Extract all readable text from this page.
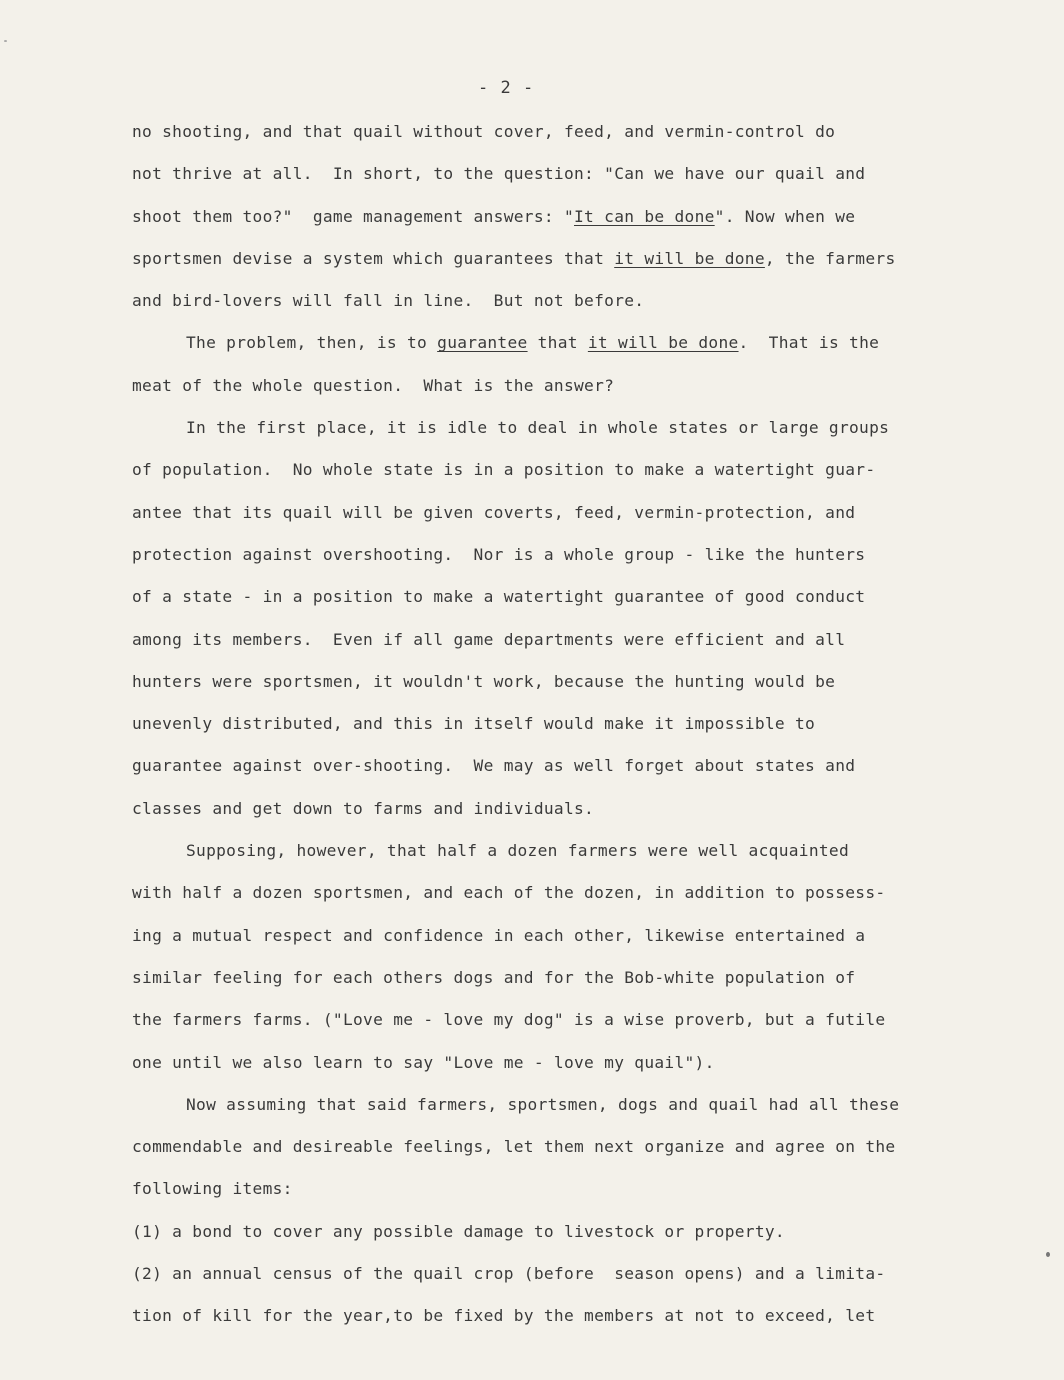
- 2 -
no shooting, and that quail without cover, feed, and vermin-control do
not thrive at all.  In short, to the question: "Can we have our quail and
shoot them too?"  game management answers: "It can be done". Now when we
sportsmen devise a system which guarantees that it will be done, the farmers
and bird-lovers will fall in line.  But not before.
The problem, then, is to guarantee that it will be done.  That is the
meat of the whole question.  What is the answer?
In the first place, it is idle to deal in whole states or large groups
of population.  No whole state is in a position to make a watertight guar-
antee that its quail will be given coverts, feed, vermin-protection, and
protection against overshooting.  Nor is a whole group - like the hunters
of a state - in a position to make a watertight guarantee of good conduct
among its members.  Even if all game departments were efficient and all
hunters were sportsmen, it wouldn't work, because the hunting would be
unevenly distributed, and this in itself would make it impossible to
guarantee against over-shooting.  We may as well forget about states and
classes and get down to farms and individuals.
Supposing, however, that half a dozen farmers were well acquainted
with half a dozen sportsmen, and each of the dozen, in addition to possess-
ing a mutual respect and confidence in each other, likewise entertained a
similar feeling for each others dogs and for the Bob-white population of
the farmers farms. ("Love me - love my dog" is a wise proverb, but a futile
one until we also learn to say "Love me - love my quail").
Now assuming that said farmers, sportsmen, dogs and quail had all these
commendable and desireable feelings, let them next organize and agree on the
following items:
(1) a bond to cover any possible damage to livestock or property.
(2) an annual census of the quail crop (before  season opens) and a limita-
tion of kill for the year,to be fixed by the members at not to exceed, let
